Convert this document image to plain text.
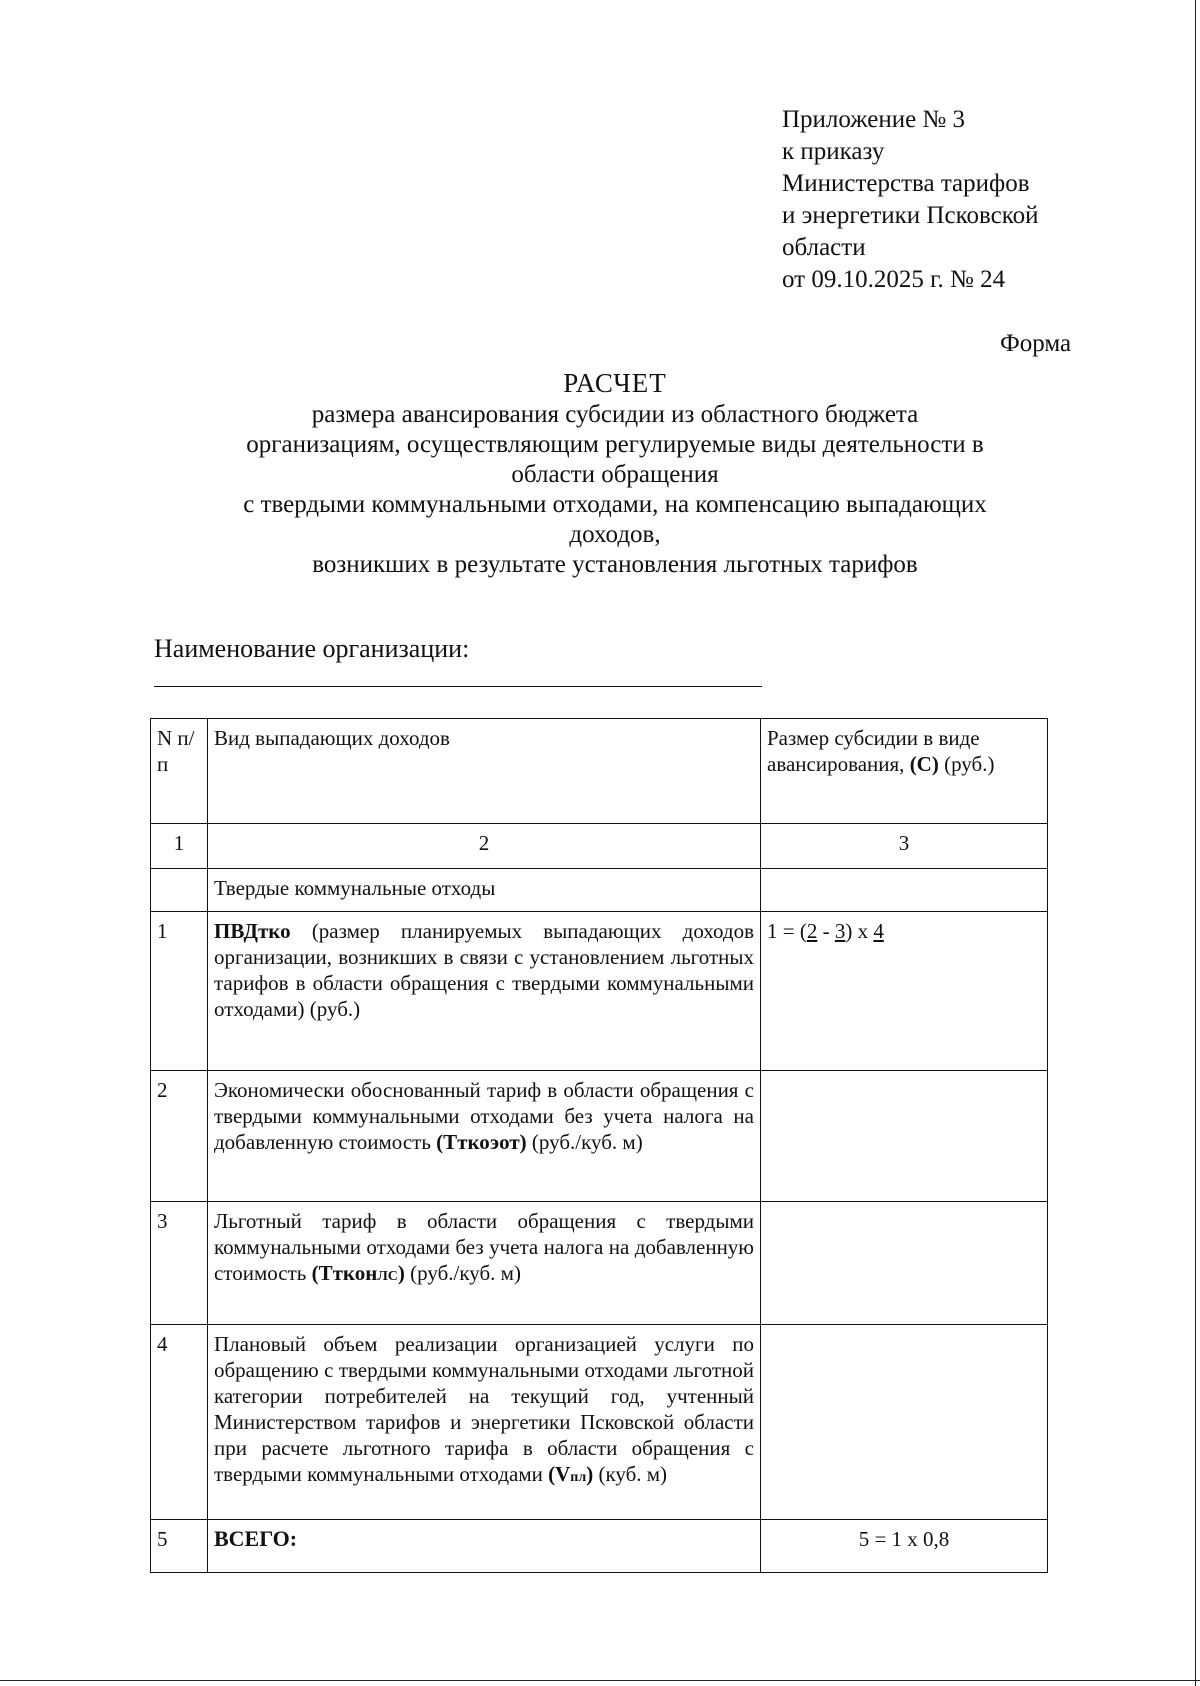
Приложение № 3
к приказу
Министерства тарифов
и энергетики Псковской
области
от 09.10.2025 г. № 24
Форма
РАСЧЕТ
размера авансирования субсидии из областного бюджета
организациям, осуществляющим регулируемые виды деятельности в
области обращения
с твердыми коммунальными отходами, на компенсацию выпадающих
доходов,
возникших в результате установления льготных тарифов
Наименование организации:
N п/п	Вид выпадающих доходов	Размер субсидии в виде авансирования, (С) (руб.)
1	2	3
	Твердые коммунальные отходы	
1	ПВДтко (размер планируемых выпадающих доходов организации, возникших в связи с установлением льготных тарифов в области обращения с твердыми коммунальными отходами) (руб.)	1 = (2 - 3) x 4
2	Экономически обоснованный тариф в области обращения с твердыми коммунальными отходами без учета налога на добавленную стоимость (Тткоэот) (руб./куб. м)	
3	Льготный тариф в области обращения с твердыми коммунальными отходами без учета налога на добавленную стоимость (ТтконЛС) (руб./куб. м)	
4	Плановый объем реализации организацией услуги по обращению с твердыми коммунальными отходами льготной категории потребителей на текущий год, учтенный Министерством тарифов и энергетики Псковской области при расчете льготного тарифа в области обращения с твердыми коммунальными отходами (Vпл) (куб. м)	
5	ВСЕГО:	5 = 1 х 0,8
